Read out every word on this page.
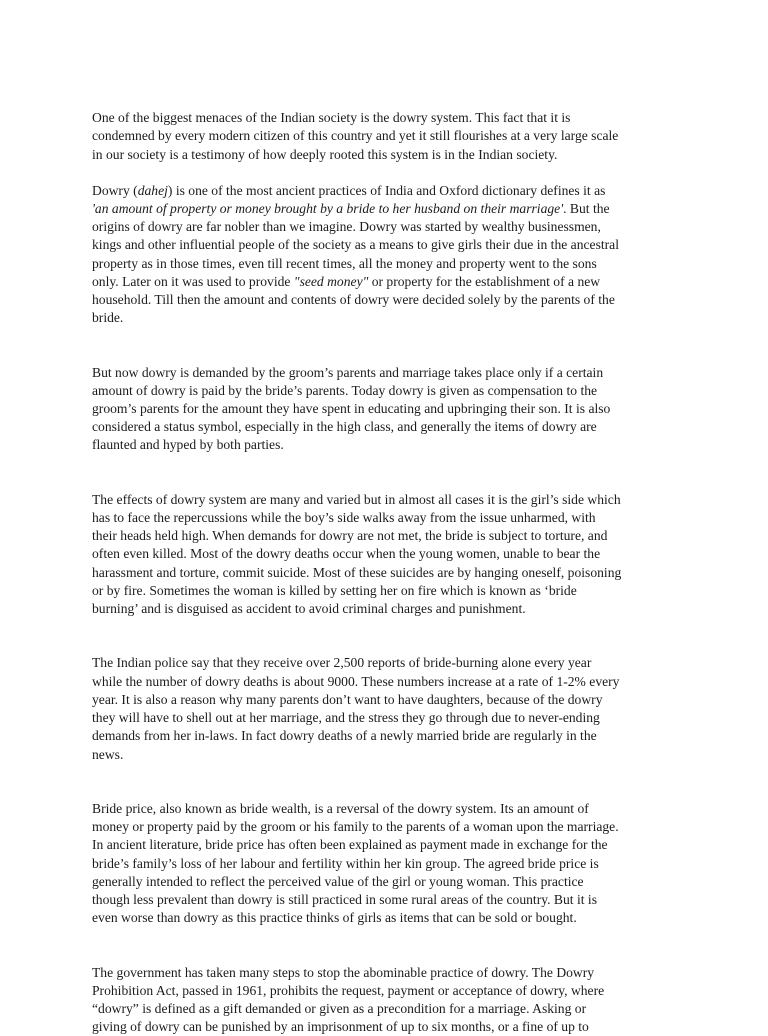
One of the biggest menaces of the Indian society is the dowry system. This fact that it is
condemned by every modern citizen of this country and yet it still flourishes at a very large scale
in our society is a testimony of how deeply rooted this system is in the Indian society.

Dowry (dahej) is one of the most ancient practices of India and Oxford dictionary defines it as
'an amount of property or money brought by a bride to her husband on their marriage'. But the
origins of dowry are far nobler than we imagine. Dowry was started by wealthy businessmen,
kings and other influential people of the society as a means to give girls their due in the ancestral
property as in those times, even till recent times, all the money and property went to the sons
only. Later on it was used to provide "seed money" or property for the establishment of a new
household. Till then the amount and contents of dowry were decided solely by the parents of the
bride.

But now dowry is demanded by the groom’s parents and marriage takes place only if a certain
amount of dowry is paid by the bride’s parents. Today dowry is given as compensation to the
groom’s parents for the amount they have spent in educating and upbringing their son. It is also
considered a status symbol, especially in the high class, and generally the items of dowry are
flaunted and hyped by both parties.

The effects of dowry system are many and varied but in almost all cases it is the girl’s side which
has to face the repercussions while the boy’s side walks away from the issue unharmed, with
their heads held high. When demands for dowry are not met, the bride is subject to torture, and
often even killed. Most of the dowry deaths occur when the young women, unable to bear the
harassment and torture, commit suicide. Most of these suicides are by hanging oneself, poisoning
or by fire. Sometimes the woman is killed by setting her on fire which is known as ‘bride
burning’ and is disguised as accident to avoid criminal charges and punishment.

The Indian police say that they receive over 2,500 reports of bride-burning alone every year
while the number of dowry deaths is about 9000. These numbers increase at a rate of 1-2% every
year. It is also a reason why many parents don’t want to have daughters, because of the dowry
they will have to shell out at her marriage, and the stress they go through due to never-ending
demands from her in-laws. In fact dowry deaths of a newly married bride are regularly in the
news.

Bride price, also known as bride wealth, is a reversal of the dowry system. Its an amount of
money or property paid by the groom or his family to the parents of a woman upon the marriage.
In ancient literature, bride price has often been explained as payment made in exchange for the
bride’s family’s loss of her labour and fertility within her kin group. The agreed bride price is
generally intended to reflect the perceived value of the girl or young woman. This practice
though less prevalent than dowry is still practiced in some rural areas of the country. But it is
even worse than dowry as this practice thinks of girls as items that can be sold or bought.

The government has taken many steps to stop the abominable practice of dowry. The Dowry
Prohibition Act, passed in 1961, prohibits the request, payment or acceptance of dowry, where
“dowry” is defined as a gift demanded or given as a precondition for a marriage. Asking or
giving of dowry can be punished by an imprisonment of up to six months, or a fine of up to
